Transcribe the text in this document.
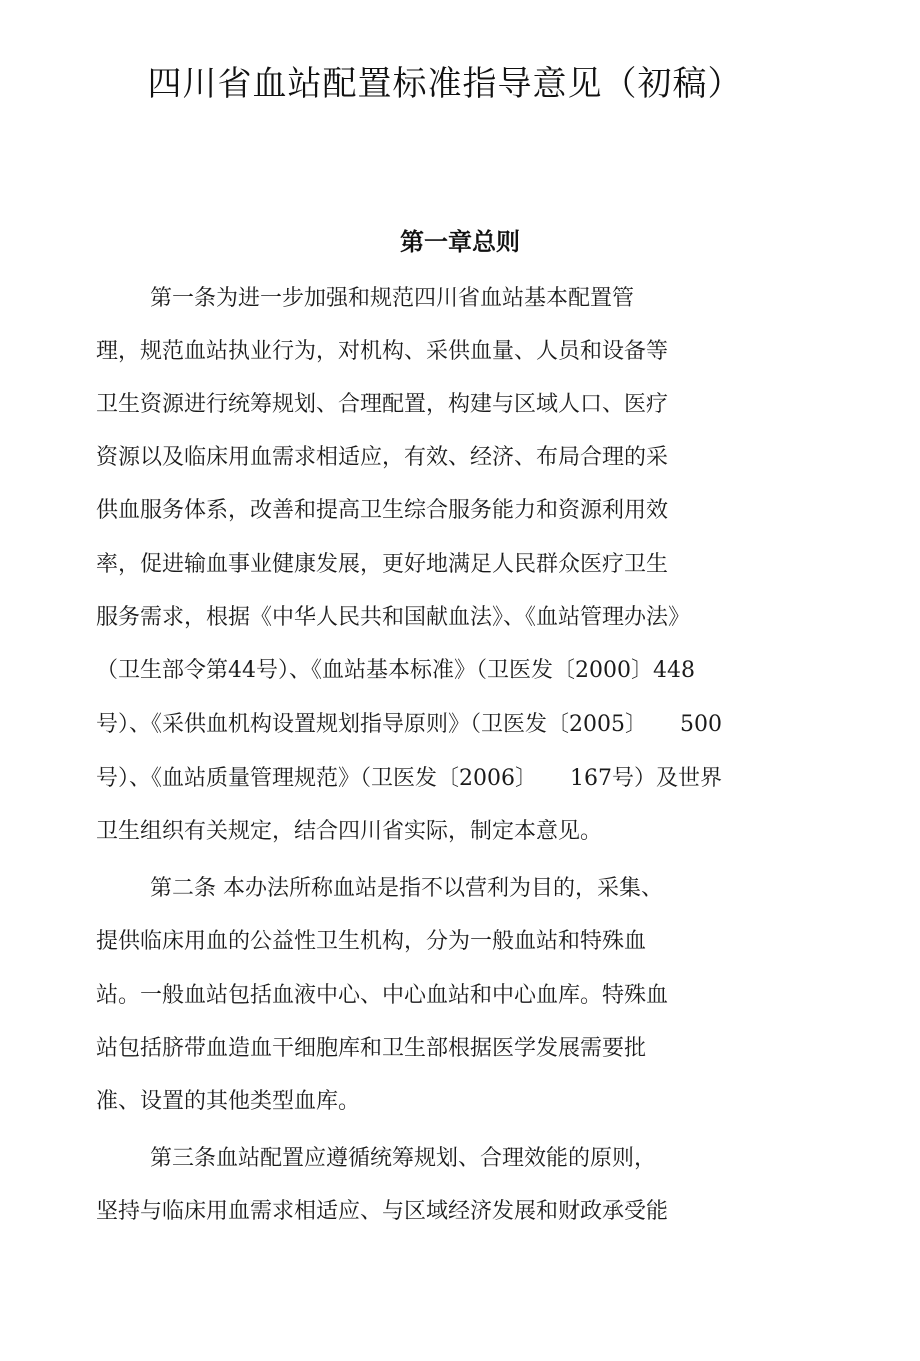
四川省血站配置标准指导意见（初稿）
第一章总则

第一条为进一步加强和规范四川省血站基本配置管

理，规范血站执业行为，对机构、采供血量、人员和设备等

卫生资源进行统筹规划、合理配置，构建与区域人口、医疗

资源以及临床用血需求相适应，有效、经济、布局合理的采

供血服务体系，改善和提高卫生综合服务能力和资源利用效

率，促进输血事业健康发展，更好地满足人民群众医疗卫生

服务需求，根据《中华人民共和国献血法》、《血站管理办法》

（卫生部令第44号）、《血站基本标准》（卫医发〔2000〕448

号）、《采供血机构设置规划指导原则》（卫医发〔2005〕　　500

号）、《血站质量管理规范》（卫医发〔2006〕　　167号）及世界

卫生组织有关规定，结合四川省实际，制定本意见。

第二条 本办法所称血站是指不以营利为目的，采集、

提供临床用血的公益性卫生机构，分为一般血站和特殊血

站。一般血站包括血液中心、中心血站和中心血库。特殊血

站包括脐带血造血干细胞库和卫生部根据医学发展需要批

准、设置的其他类型血库。

第三条血站配置应遵循统筹规划、合理效能的原则，

坚持与临床用血需求相适应、与区域经济发展和财政承受能
